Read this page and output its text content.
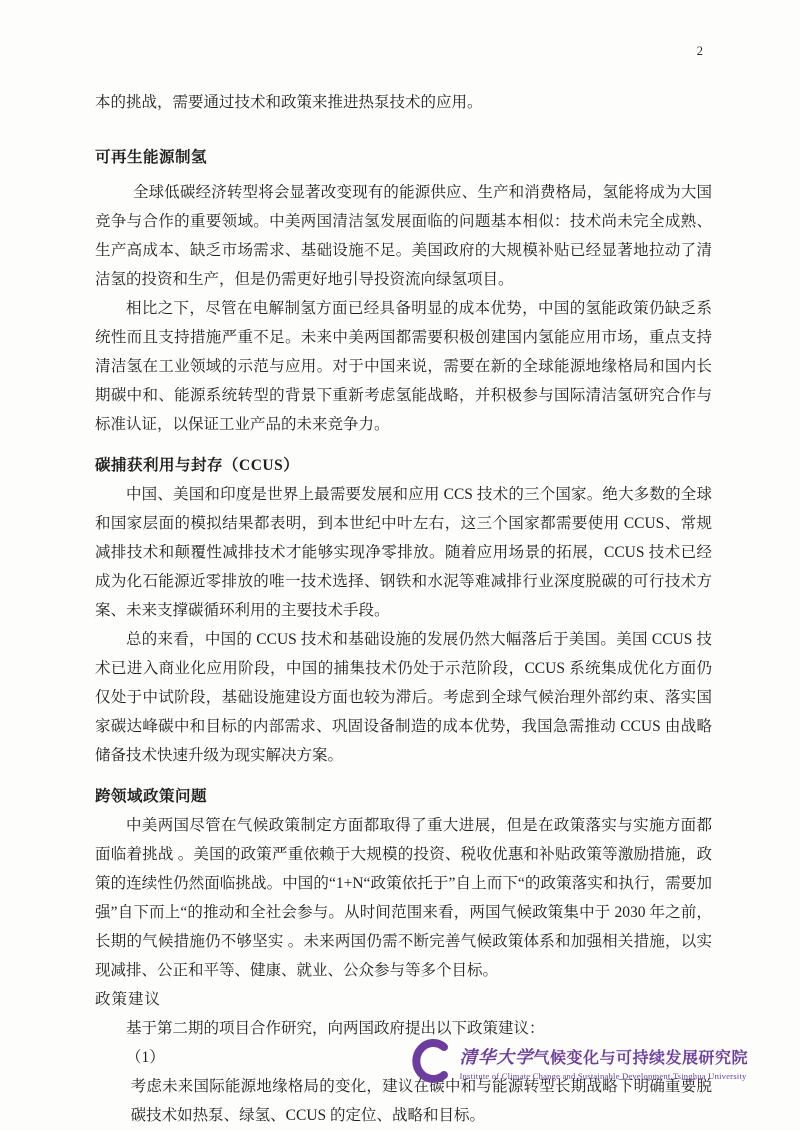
2

本的挑战，需要通过技术和政策来推进热泵技术的应用。

可再生能源制氢

全球低碳经济转型将会显著改变现有的能源供应、生产和消费格局，氢能将成为大国竞争与合作的重要领域。中美两国清洁氢发展面临的问题基本相似：技术尚未完全成熟、生产高成本、缺乏市场需求、基础设施不足。美国政府的大规模补贴已经显著地拉动了清洁氢的投资和生产，但是仍需更好地引导投资流向绿氢项目。

相比之下，尽管在电解制氢方面已经具备明显的成本优势，中国的氢能政策仍缺乏系统性而且支持措施严重不足。未来中美两国都需要积极创建国内氢能应用市场，重点支持清洁氢在工业领域的示范与应用。对于中国来说，需要在新的全球能源地缘格局和国内长期碳中和、能源系统转型的背景下重新考虑氢能战略，并积极参与国际清洁氢研究合作与标准认证，以保证工业产品的未来竞争力。

碳捕获利用与封存（CCUS）

中国、美国和印度是世界上最需要发展和应用 CCS 技术的三个国家。绝大多数的全球和国家层面的模拟结果都表明，到本世纪中叶左右，这三个国家都需要使用 CCUS、常规减排技术和颠覆性减排技术才能够实现净零排放。随着应用场景的拓展，CCUS 技术已经成为化石能源近零排放的唯一技术选择、钢铁和水泥等难减排行业深度脱碳的可行技术方案、未来支撑碳循环利用的主要技术手段。

总的来看，中国的 CCUS 技术和基础设施的发展仍然大幅落后于美国。美国 CCUS 技术已进入商业化应用阶段，中国的捕集技术仍处于示范阶段，CCUS 系统集成优化方面仍仅处于中试阶段，基础设施建设方面也较为滞后。考虑到全球气候治理外部约束、落实国家碳达峰碳中和目标的内部需求、巩固设备制造的成本优势，我国急需推动 CCUS 由战略储备技术快速升级为现实解决方案。

跨领域政策问题

中美两国尽管在气候政策制定方面都取得了重大进展，但是在政策落实与实施方面都面临着挑战 。美国的政策严重依赖于大规模的投资、税收优惠和补贴政策等激励措施，政策的连续性仍然面临挑战。中国的“1+N“政策依托于”自上而下“的政策落实和执行，需要加强”自下而上“的推动和全社会参与。从时间范围来看，两国气候政策集中于 2030 年之前，长期的气候措施仍不够坚实 。未来两国仍需不断完善气候政策体系和加强相关措施，以实现减排、公正和平等、健康、就业、公众参与等多个目标。

政策建议

基于第二期的项目合作研究，向两国政府提出以下政策建议：

（1）考虑未来国际能源地缘格局的变化，建议在碳中和与能源转型长期战略下明确重要脱碳技术如热泵、绿氢、CCUS 的定位、战略和目标。

清华大学气候变化与可持续发展研究院
Institute of Climate Change and Sustainable Development,Tsinghua University
